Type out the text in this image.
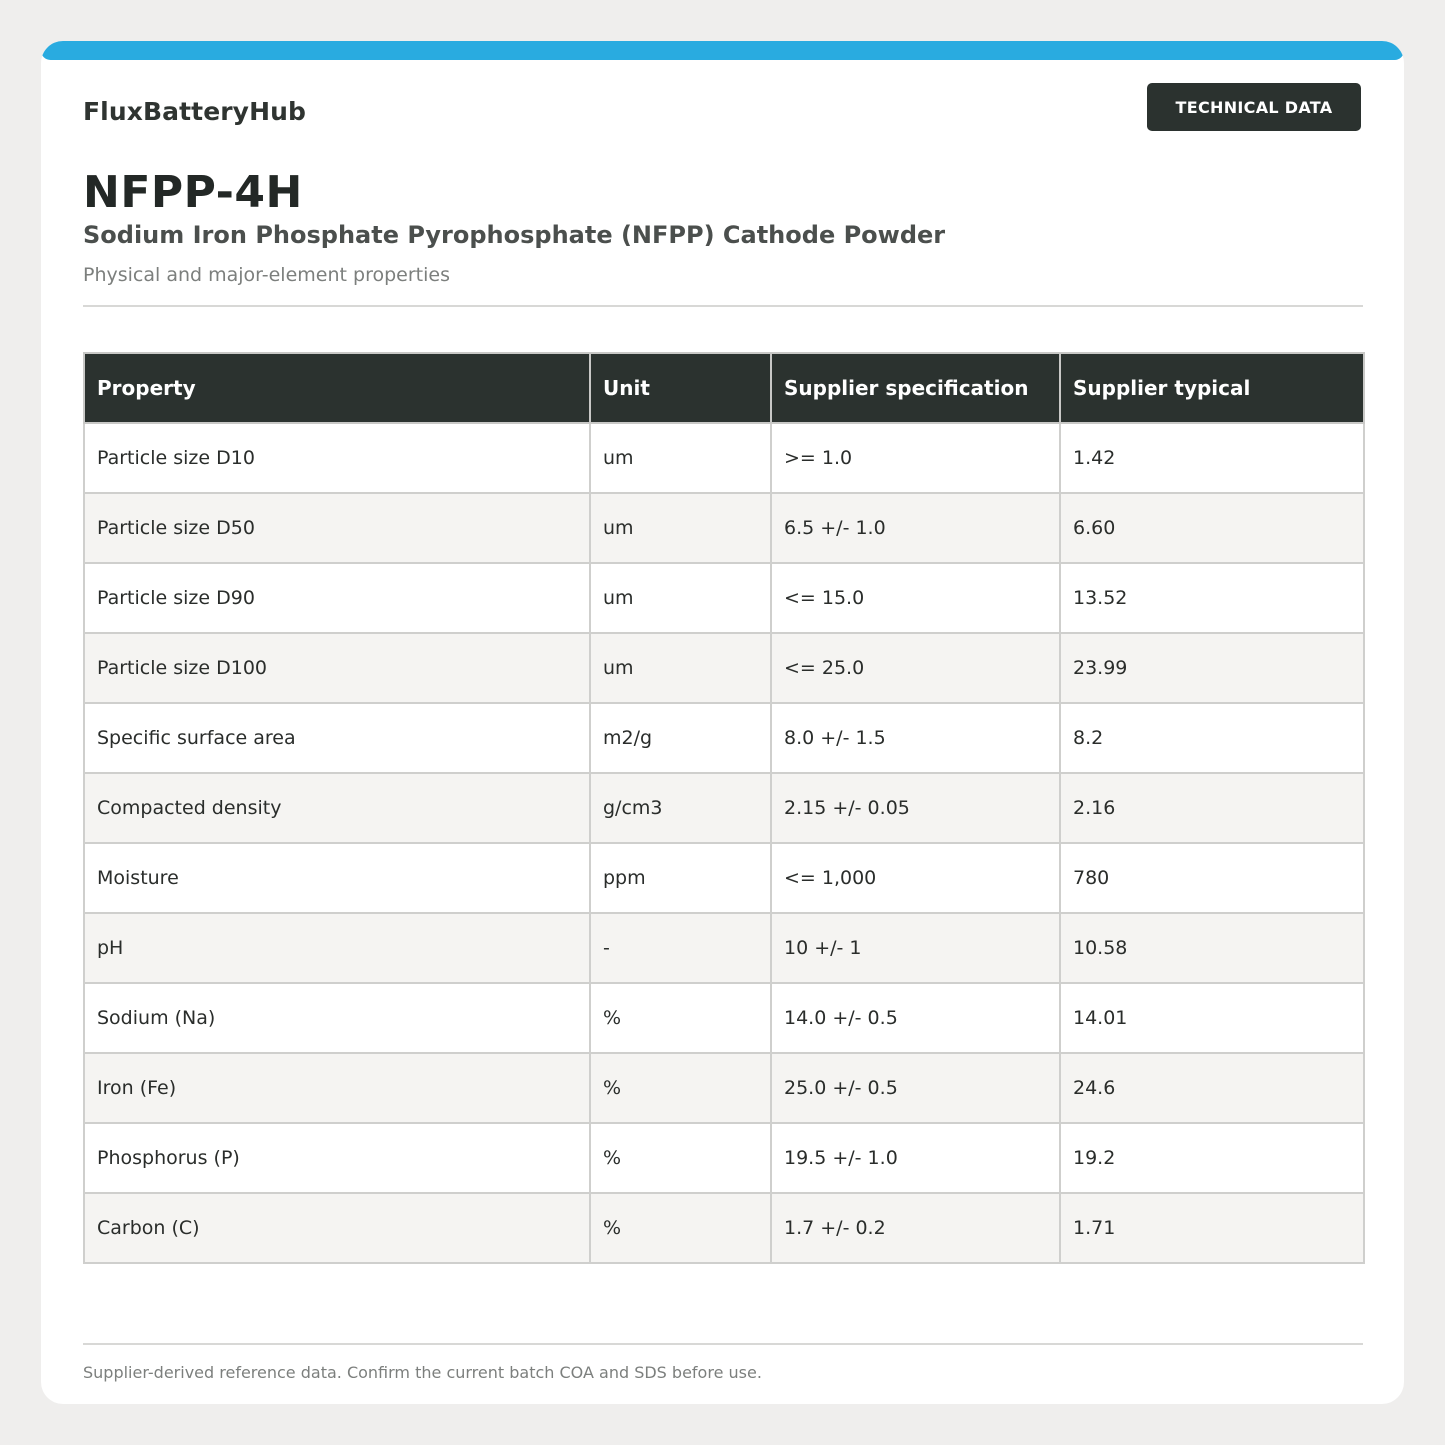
FluxBatteryHub	TECHNICAL DATA
NFPP-4H
Sodium Iron Phosphate Pyrophosphate (NFPP) Cathode Powder
Physical and major-element properties
Property	Unit	Supplier specification	Supplier typical
Particle size D10	um	>= 1.0	1.42
Particle size D50	um	6.5 +/- 1.0	6.60
Particle size D90	um	<= 15.0	13.52
Particle size D100	um	<= 25.0	23.99
Specific surface area	m2/g	8.0 +/- 1.5	8.2
Compacted density	g/cm3	2.15 +/- 0.05	2.16
Moisture	ppm	<= 1,000	780
pH	-	10 +/- 1	10.58
Sodium (Na)	%	14.0 +/- 0.5	14.01
Iron (Fe)	%	25.0 +/- 0.5	24.6
Phosphorus (P)	%	19.5 +/- 1.0	19.2
Carbon (C)	%	1.7 +/- 0.2	1.71
Supplier-derived reference data. Confirm the current batch COA and SDS before use.
